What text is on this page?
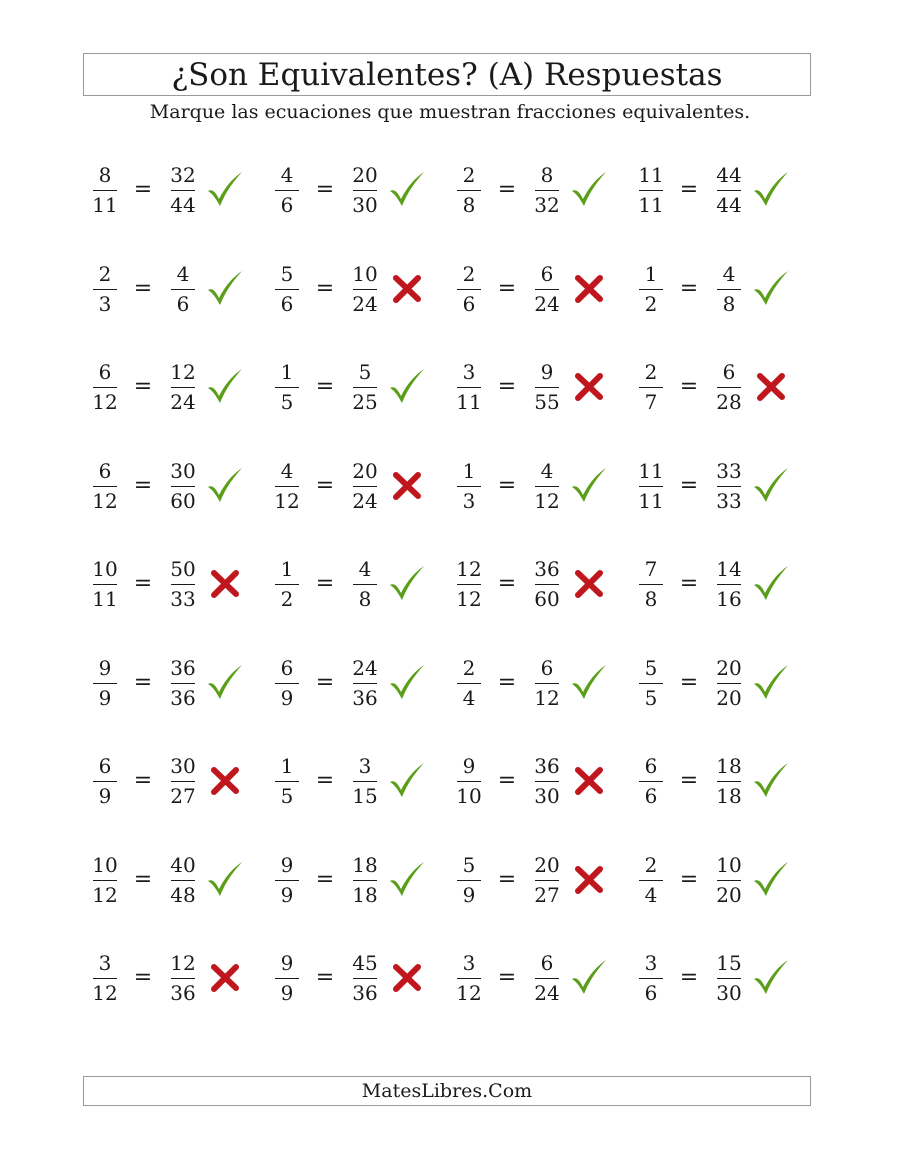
¿Son Equivalentes? (A) Respuestas
Marque las ecuaciones que muestran fracciones equivalentes.
8
11
=
32
44
4
6
=
20
30
2
8
=
8
32
11
11
=
44
44
2
3
=
4
6
5
6
=
10
24
2
6
=
6
24
1
2
=
4
8
6
12
=
12
24
1
5
=
5
25
3
11
=
9
55
2
7
=
6
28
6
12
=
30
60
4
12
=
20
24
1
3
=
4
12
11
11
=
33
33
10
11
=
50
33
1
2
=
4
8
12
12
=
36
60
7
8
=
14
16
9
9
=
36
36
6
9
=
24
36
2
4
=
6
12
5
5
=
20
20
6
9
=
30
27
1
5
=
3
15
9
10
=
36
30
6
6
=
18
18
10
12
=
40
48
9
9
=
18
18
5
9
=
20
27
2
4
=
10
20
3
12
=
12
36
9
9
=
45
36
3
12
=
6
24
3
6
=
15
30
MatesLibres.Com
